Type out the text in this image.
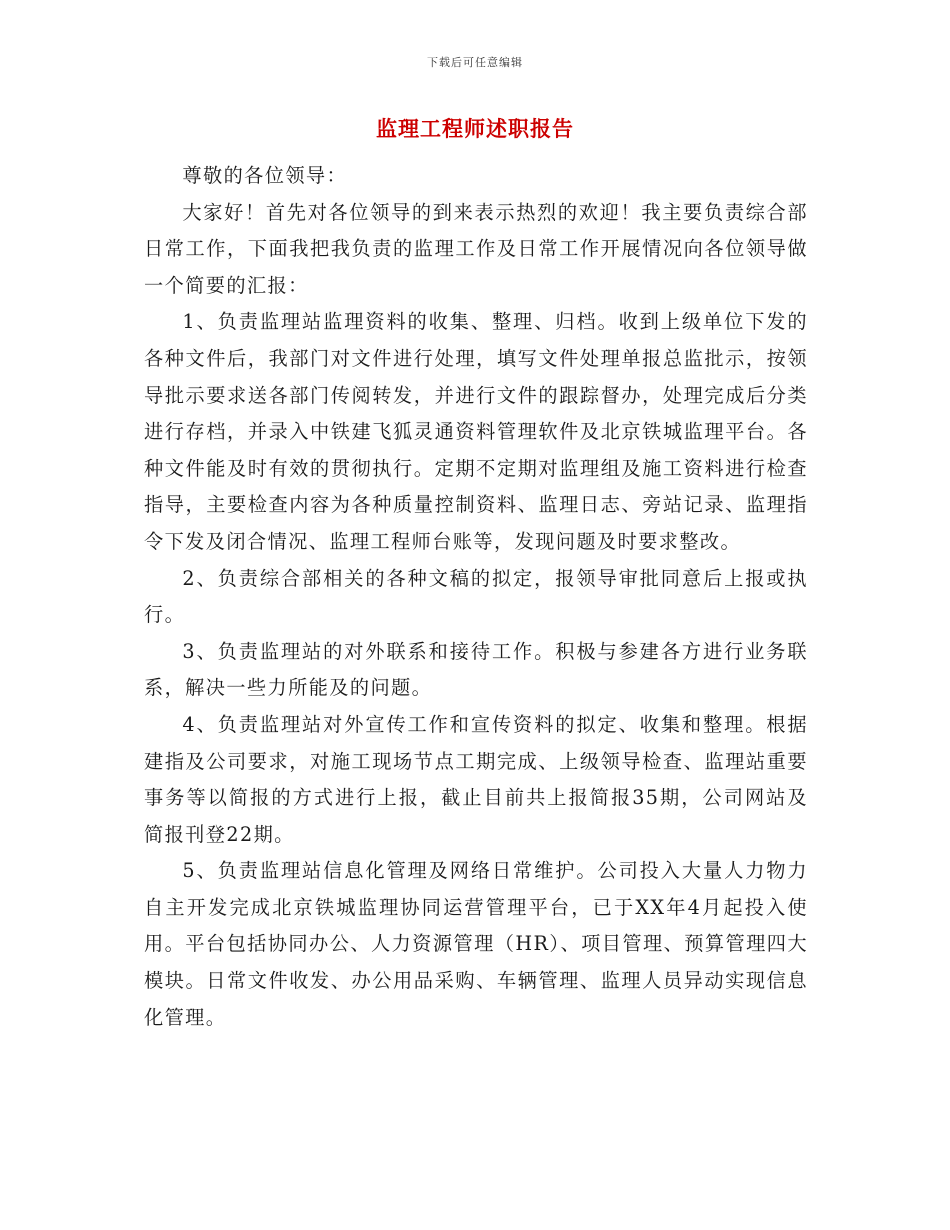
下载后可任意编辑
监理工程师述职报告

尊敬的各位领导：

大家好！首先对各位领导的到来表示热烈的欢迎！我主要负责综合部日常工作，下面我把我负责的监理工作及日常工作开展情况向各位领导做一个简要的汇报：

1、负责监理站监理资料的收集、整理、归档。收到上级单位下发的各种文件后，我部门对文件进行处理，填写文件处理单报总监批示，按领导批示要求送各部门传阅转发，并进行文件的跟踪督办，处理完成后分类进行存档，并录入中铁建飞狐灵通资料管理软件及北京铁城监理平台。各种文件能及时有效的贯彻执行。定期不定期对监理组及施工资料进行检查指导，主要检查内容为各种质量控制资料、监理日志、旁站记录、监理指令下发及闭合情况、监理工程师台账等，发现问题及时要求整改。

2、负责综合部相关的各种文稿的拟定，报领导审批同意后上报或执行。

3、负责监理站的对外联系和接待工作。积极与参建各方进行业务联系，解决一些力所能及的问题。

4、负责监理站对外宣传工作和宣传资料的拟定、收集和整理。根据建指及公司要求，对施工现场节点工期完成、上级领导检查、监理站重要事务等以简报的方式进行上报，截止目前共上报简报35期，公司网站及简报刊登22期。

5、负责监理站信息化管理及网络日常维护。公司投入大量人力物力自主开发完成北京铁城监理协同运营管理平台，已于XX年4月起投入使用。平台包括协同办公、人力资源管理（HR）、项目管理、预算管理四大模块。日常文件收发、办公用品采购、车辆管理、监理人员异动实现信息化管理。
